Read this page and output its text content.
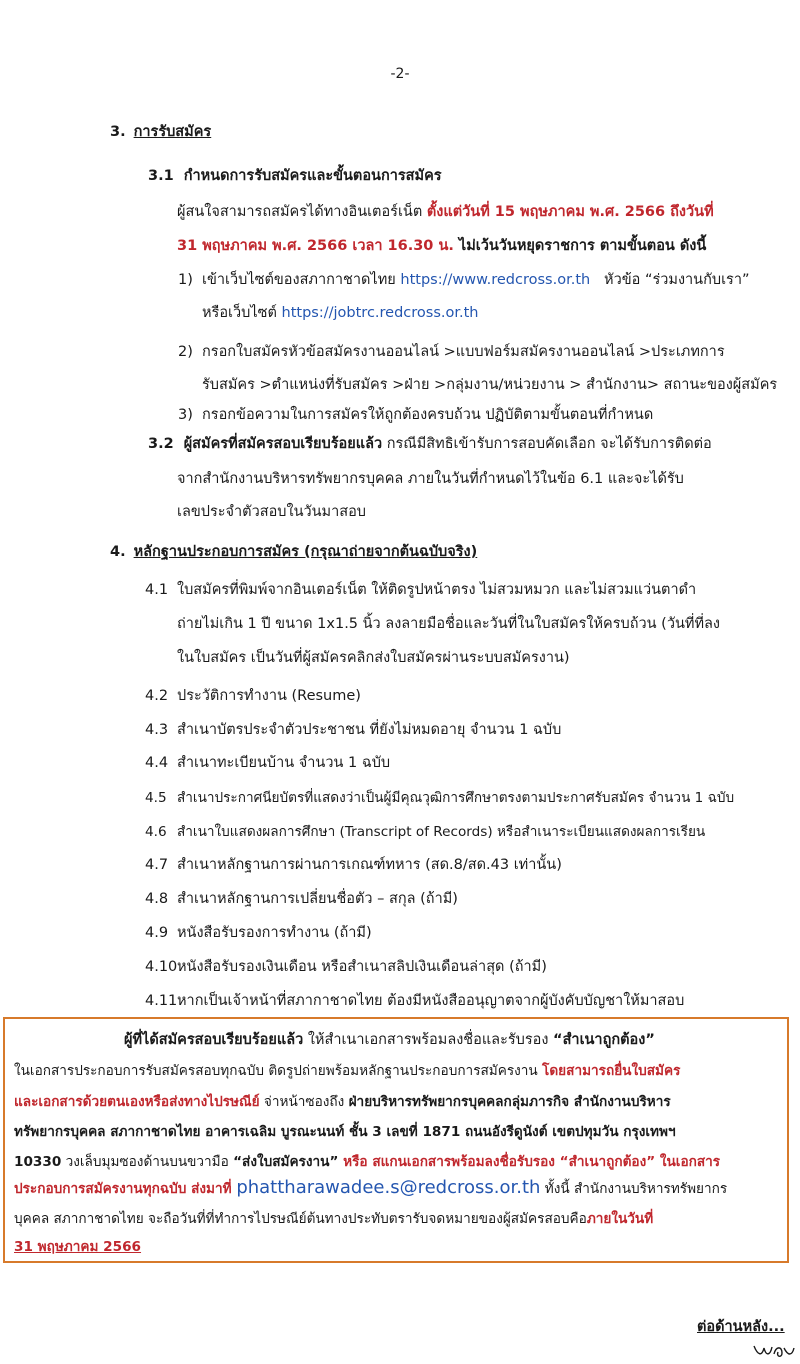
-2-
3. การรับสมัคร
3.1 กำหนดการรับสมัครและขั้นตอนการสมัคร
ผู้สนใจสามารถสมัครได้ทางอินเตอร์เน็ต ตั้งแต่วันที่ 15 พฤษภาคม พ.ศ. 2566 ถึงวันที่
31 พฤษภาคม พ.ศ. 2566 เวลา 16.30 น. ไม่เว้นวันหยุดราชการ ตามขั้นตอน ดังนี้
1) เข้าเว็บไซต์ของสภากาชาดไทย https://www.redcross.or.th   หัวข้อ “ร่วมงานกับเรา”
หรือเว็บไซต์ https://jobtrc.redcross.or.th
2) กรอกใบสมัครหัวข้อสมัครงานออนไลน์ >แบบฟอร์มสมัครงานออนไลน์ >ประเภทการ
รับสมัคร >ตำแหน่งที่รับสมัคร >ฝ่าย >กลุ่มงาน/หน่วยงาน > สำนักงาน> สถานะของผู้สมัคร
3) กรอกข้อความในการสมัครให้ถูกต้องครบถ้วน ปฏิบัติตามขั้นตอนที่กำหนด
3.2 ผู้สมัครที่สมัครสอบเรียบร้อยแล้ว กรณีมีสิทธิเข้ารับการสอบคัดเลือก จะได้รับการติดต่อ
จากสำนักงานบริหารทรัพยากรบุคคล ภายในวันที่กำหนดไว้ในข้อ 6.1 และจะได้รับ
เลขประจำตัวสอบในวันมาสอบ
4. หลักฐานประกอบการสมัคร (กรุณาถ่ายจากต้นฉบับจริง)
4.1 ใบสมัครที่พิมพ์จากอินเตอร์เน็ต ให้ติดรูปหน้าตรง ไม่สวมหมวก และไม่สวมแว่นตาดำ
ถ่ายไม่เกิน 1 ปี ขนาด 1x1.5 นิ้ว ลงลายมือชื่อและวันที่ในใบสมัครให้ครบถ้วน (วันที่ที่ลง
ในใบสมัคร เป็นวันที่ผู้สมัครคลิกส่งใบสมัครผ่านระบบสมัครงาน)
4.2 ประวัติการทำงาน (Resume)
4.3 สำเนาบัตรประจำตัวประชาชน ที่ยังไม่หมดอายุ จำนวน 1 ฉบับ
4.4 สำเนาทะเบียนบ้าน จำนวน 1 ฉบับ
4.5 สำเนาประกาศนียบัตรที่แสดงว่าเป็นผู้มีคุณวุฒิการศึกษาตรงตามประกาศรับสมัคร จำนวน 1 ฉบับ
4.6 สำเนาใบแสดงผลการศึกษา (Transcript of Records) หรือสำเนาระเบียนแสดงผลการเรียน
4.7 สำเนาหลักฐานการผ่านการเกณฑ์ทหาร (สด.8/สด.43 เท่านั้น)
4.8 สำเนาหลักฐานการเปลี่ยนชื่อตัว – สกุล (ถ้ามี)
4.9 หนังสือรับรองการทำงาน (ถ้ามี)
4.10หนังสือรับรองเงินเดือน หรือสำเนาสลิปเงินเดือนล่าสุด (ถ้ามี)
4.11หากเป็นเจ้าหน้าที่สภากาชาดไทย ต้องมีหนังสืออนุญาตจากผู้บังคับบัญชาให้มาสอบ
ผู้ที่ได้สมัครสอบเรียบร้อยแล้ว ให้สำเนาเอกสารพร้อมลงชื่อและรับรอง “สำเนาถูกต้อง”
ในเอกสารประกอบการรับสมัครสอบทุกฉบับ ติดรูปถ่ายพร้อมหลักฐานประกอบการสมัครงาน โดยสามารถยื่นใบสมัคร
และเอกสารด้วยตนเองหรือส่งทางไปรษณีย์ จ่าหน้าซองถึง ฝ่ายบริหารทรัพยากรบุคคลกลุ่มภารกิจ สำนักงานบริหาร
ทรัพยากรบุคคล สภากาชาดไทย อาคารเฉลิม บูรณะนนท์ ชั้น 3 เลขที่ 1871 ถนนอังรีดูนังต์ เขตปทุมวัน กรุงเทพฯ
10330 วงเล็บมุมซองด้านบนขวามือ “ส่งใบสมัครงาน” หรือ สแกนเอกสารพร้อมลงชื่อรับรอง “สำเนาถูกต้อง” ในเอกสาร
ประกอบการสมัครงานทุกฉบับ ส่งมาที่ phattharawadee.s@redcross.or.th ทั้งนี้ สำนักงานบริหารทรัพยากร
บุคคล สภากาชาดไทย จะถือวันที่ที่ทำการไปรษณีย์ต้นทางประทับตรารับจดหมายของผู้สมัครสอบคือภายในวันที่
31 พฤษภาคม 2566
ต่อด้านหลัง...
